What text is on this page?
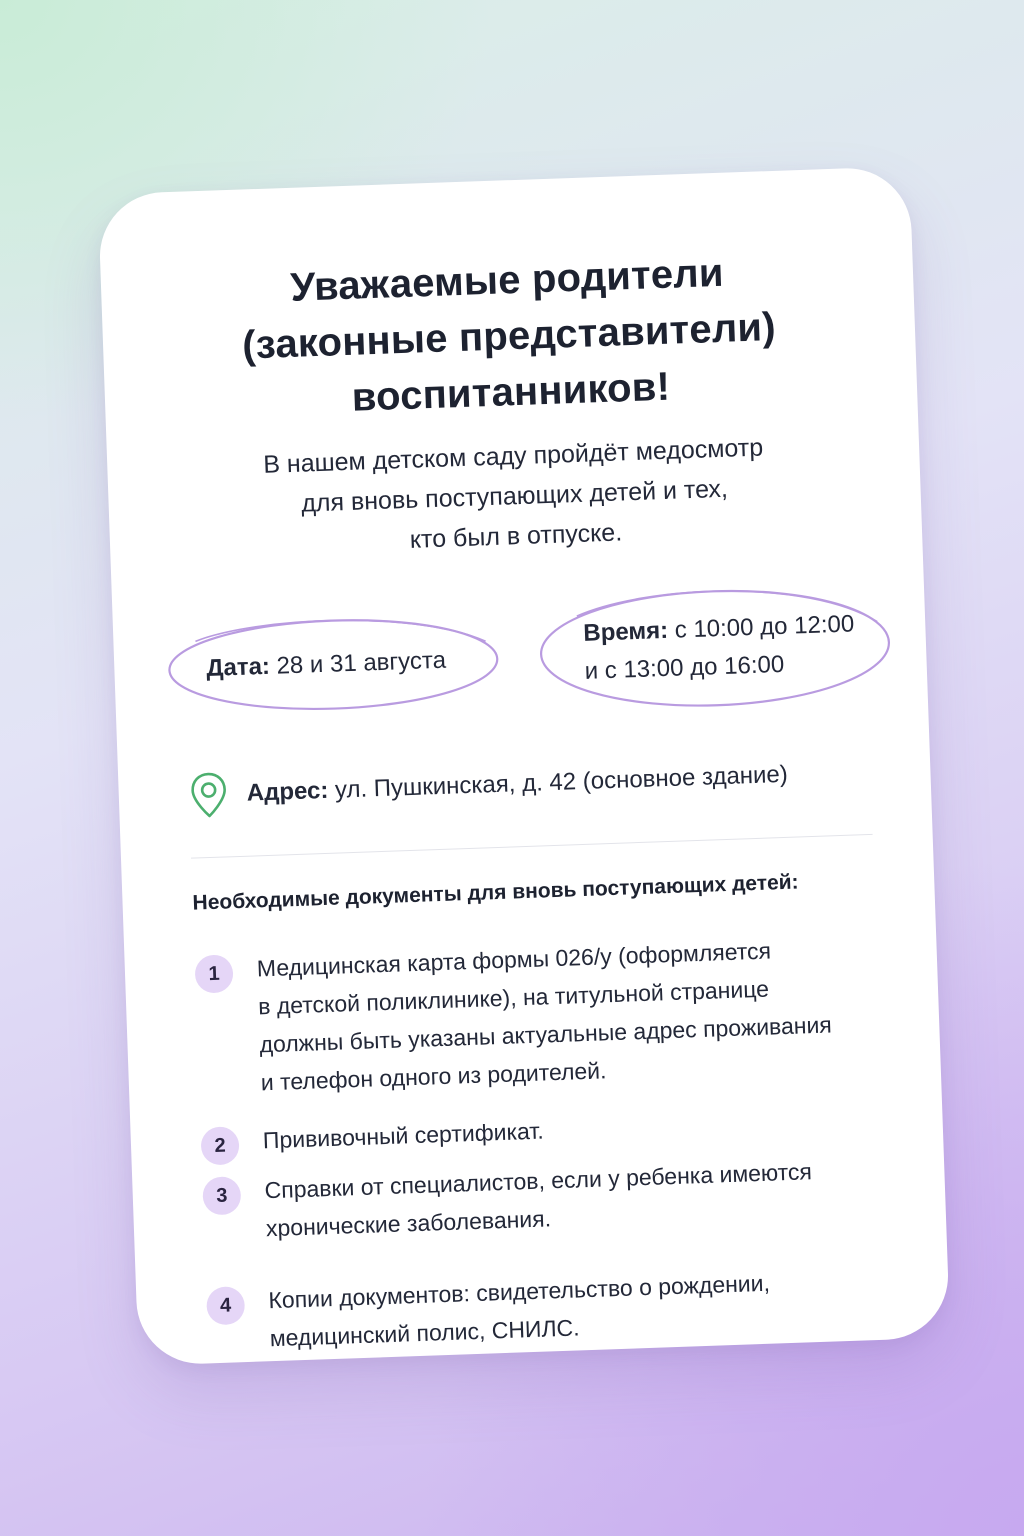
Уважаемые родители
(законные представители)
воспитанников!

В нашем детском саду пройдёт медосмотр
для вновь поступающих детей и тех,
кто был в отпуске.

Дата: 28 и 31 августа
Время: с 10:00 до 12:00
и с 13:00 до 16:00
Адрес: ул. Пушкинская, д. 42 (основное здание)
Необходимые документы для вновь поступающих детей:
1	Медицинская карта формы 026/у (оформляется
в детской поликлинике), на титульной странице
должны быть указаны актуальные адрес проживания
и телефон одного из родителей.
2	Прививочный сертификат.
3	Справки от специалистов, если у ребенка имеются
хронические заболевания.
4	Копии документов: свидетельство о рождении,
медицинский полис, СНИЛС.
